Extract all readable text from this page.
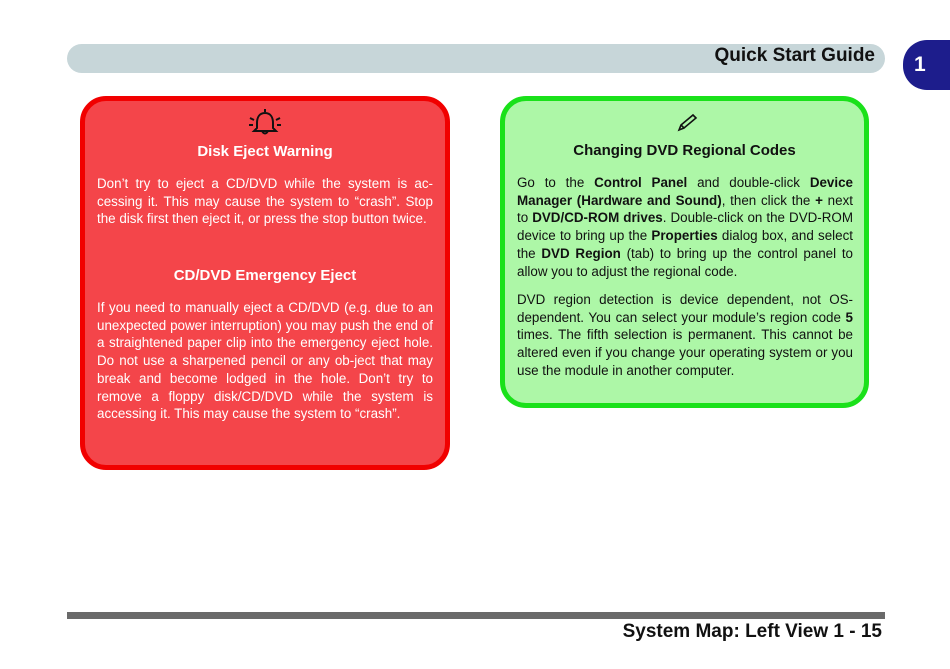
Quick Start Guide 1
Disk Eject Warning
Don’t try to eject a CD/DVD while the system is ac-cessing it. This may cause the system to “crash”. Stop the disk first then eject it, or press the stop button twice.
CD/DVD Emergency Eject
If you need to manually eject a CD/DVD (e.g. due to an unexpected power interruption) you may push the end of a straightened paper clip into the emergency eject hole. Do not use a sharpened pencil or any ob-ject that may break and become lodged in the hole. Don’t try to remove a floppy disk/CD/DVD while the system is accessing it. This may cause the system to “crash”.
Changing DVD Regional Codes
Go to the Control Panel and double-click Device Manager (Hardware and Sound), then click the + next to DVD/CD-ROM drives. Double-click on the DVD-ROM device to bring up the Properties dialog box, and select the DVD Region (tab) to bring up the control panel to allow you to adjust the regional code.
DVD region detection is device dependent, not OS-dependent. You can select your module’s region code 5 times. The fifth selection is permanent. This cannot be altered even if you change your operating system or you use the module in another computer.
System Map: Left View 1 - 15
